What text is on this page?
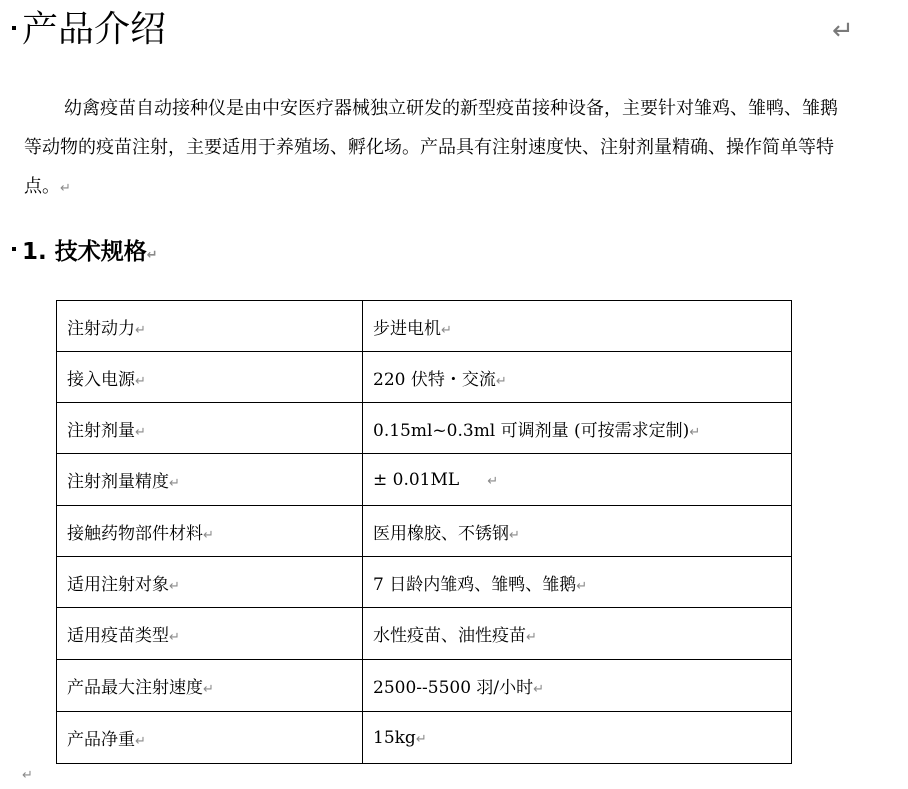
产品介绍	↵
幼禽疫苗自动接种仪是由中安医疗器械独立研发的新型疫苗接种设备，主要针对雏鸡、雏鸭、雏鹅等动物的疫苗注射，主要适用于养殖场、孵化场。产品具有注射速度快、注射剂量精确、操作简单等特点。↵
1. 技术规格↵
注射动力↵	步进电机↵
接入电源↵	220 伏特・交流↵
注射剂量↵	0.15ml~0.3ml 可调剂量 (可按需求定制)↵
注射剂量精度↵	± 0.01ML ↵
接触药物部件材料↵	医用橡胶、不锈钢↵
适用注射对象↵	7 日龄内雏鸡、雏鸭、雏鹅↵
适用疫苗类型↵	水性疫苗、油性疫苗↵
产品最大注射速度↵	2500--5500 羽/小时↵
产品净重↵	15kg↵
↵
